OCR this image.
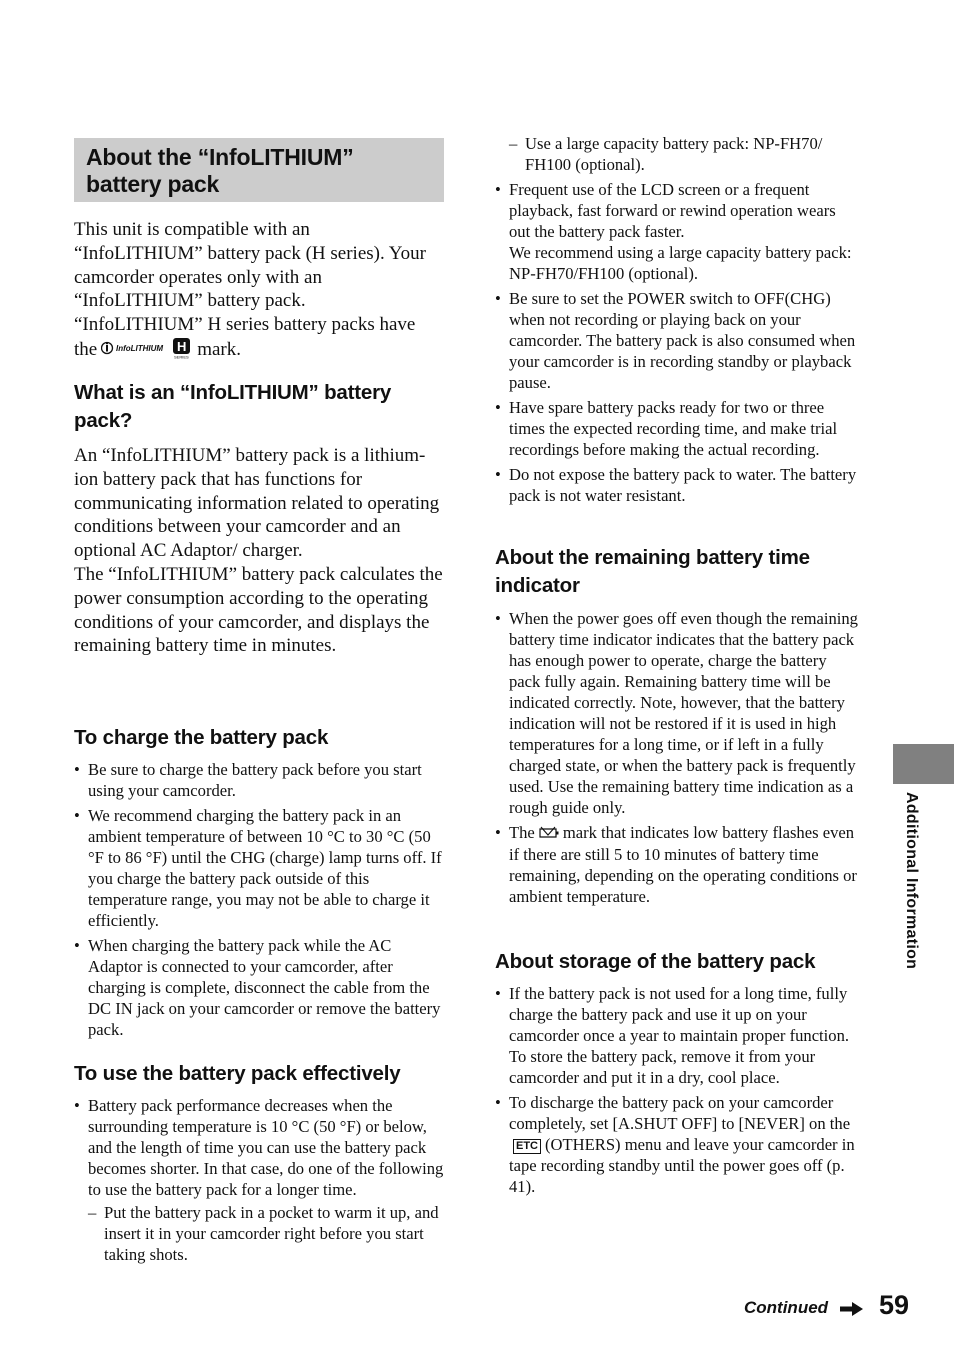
About the “InfoLITHIUM” battery pack

This unit is compatible with an “InfoLITHIUM” battery pack (H series). Your camcorder operates only with an “InfoLITHIUM” battery pack. “InfoLITHIUM” H series battery packs have the InfoLITHIUM H
SERIES mark.

What is an “InfoLITHIUM” battery pack?

An “InfoLITHIUM” battery pack is a lithium-ion battery pack that has functions for communicating information related to operating conditions between your camcorder and an optional AC Adaptor/ charger.

The “InfoLITHIUM” battery pack calculates the power consumption according to the operating conditions of your camcorder, and displays the remaining battery time in minutes.

To charge the battery pack
• Be sure to charge the battery pack before you start using your camcorder.
• We recommend charging the battery pack in an ambient temperature of between 10 °C to 30 °C (50 °F to 86 °F) until the CHG (charge) lamp turns off. If you charge the battery pack outside of this temperature range, you may not be able to charge it efficiently.
• When charging the battery pack while the AC Adaptor is connected to your camcorder, after charging is complete, disconnect the cable from the DC IN jack on your camcorder or remove the battery pack.
To use the battery pack effectively
• Battery pack performance decreases when the surrounding temperature is 10 °C (50 °F) or below, and the length of time you can use the battery pack becomes shorter. In that case, do one of the following to use the battery pack for a longer time.
– Put the battery pack in a pocket to warm it up, and insert it in your camcorder right before you start taking shots.
– Use a large capacity battery pack: NP-FH70/ FH100 (optional).
• Frequent use of the LCD screen or a frequent playback, fast forward or rewind operation wears out the battery pack faster.
We recommend using a large capacity battery pack: NP-FH70/FH100 (optional).
• Be sure to set the POWER switch to OFF(CHG) when not recording or playing back on your camcorder. The battery pack is also consumed when your camcorder is in recording standby or playback pause.
• Have spare battery packs ready for two or three times the expected recording time, and make trial recordings before making the actual recording.
• Do not expose the battery pack to water. The battery pack is not water resistant.
About the remaining battery time indicator
• When the power goes off even though the remaining battery time indicator indicates that the battery pack has enough power to operate, charge the battery pack fully again. Remaining battery time will be indicated correctly. Note, however, that the battery indication will not be restored if it is used in high temperatures for a long time, or if left in a fully charged state, or when the battery pack is frequently used. Use the remaining battery time indication as a rough guide only.
• The mark that indicates low battery flashes even if there are still 5 to 10 minutes of battery time remaining, depending on the operating conditions or ambient temperature.
About storage of the battery pack
• If the battery pack is not used for a long time, fully charge the battery pack and use it up on your camcorder once a year to maintain proper function. To store the battery pack, remove it from your camcorder and put it in a dry, cool place.
• To discharge the battery pack on your camcorder completely, set [A.SHUT OFF] to [NEVER] on theETC (OTHERS) menu and leave your camcorder in tape recording standby until the power goes off (p. 41).
Additional Information
Continued 59
